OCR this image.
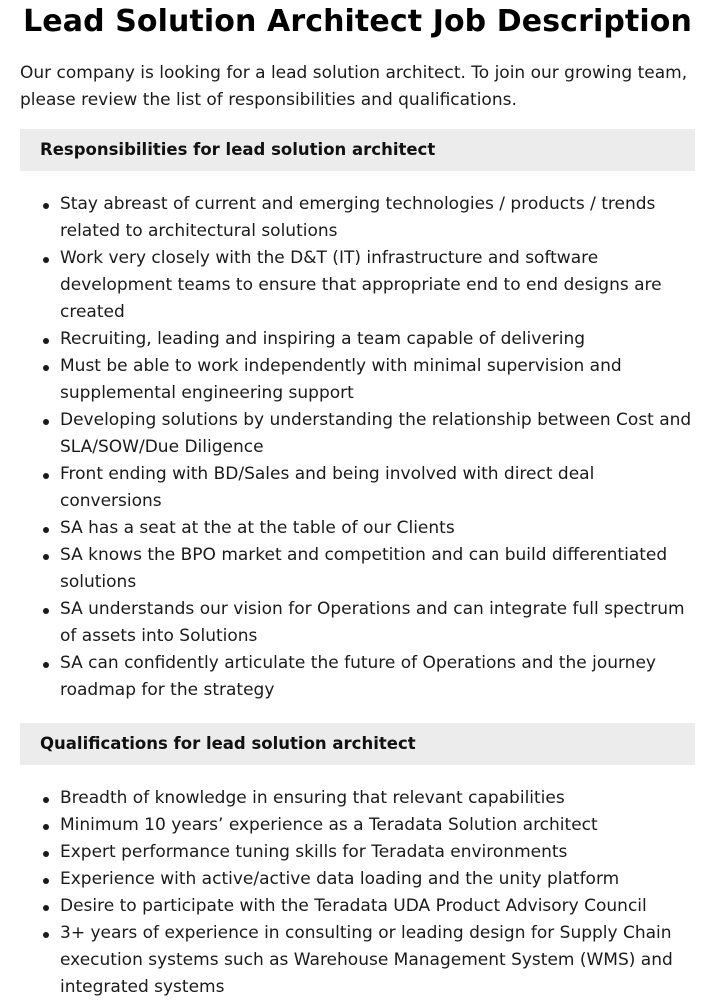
Lead Solution Architect Job Description

Our company is looking for a lead solution architect. To join our growing team, please review the list of responsibilities and qualifications.

Responsibilities for lead solution architect
Stay abreast of current and emerging technologies / products / trends related to architectural solutions
Work very closely with the D&T (IT) infrastructure and software development teams to ensure that appropriate end to end designs are created
Recruiting, leading and inspiring a team capable of delivering
Must be able to work independently with minimal supervision and supplemental engineering support
Developing solutions by understanding the relationship between Cost and SLA/SOW/Due Diligence
Front ending with BD/Sales and being involved with direct deal conversions
SA has a seat at the at the table of our Clients
SA knows the BPO market and competition and can build differentiated solutions
SA understands our vision for Operations and can integrate full spectrum of assets into Solutions
SA can confidently articulate the future of Operations and the journey roadmap for the strategy
Qualifications for lead solution architect
Breadth of knowledge in ensuring that relevant capabilities
Minimum 10 years’ experience as a Teradata Solution architect
Expert performance tuning skills for Teradata environments
Experience with active/active data loading and the unity platform
Desire to participate with the Teradata UDA Product Advisory Council
3+ years of experience in consulting or leading design for Supply Chain execution systems such as Warehouse Management System (WMS) and integrated systems
